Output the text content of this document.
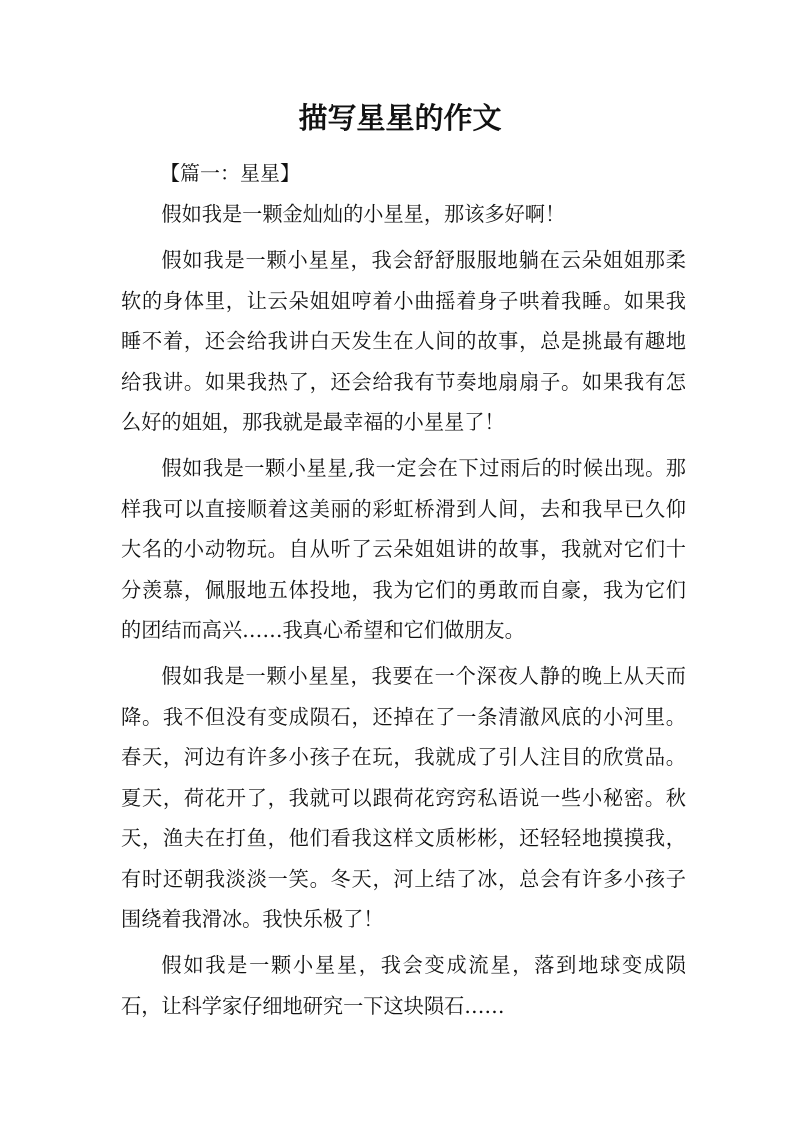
描写星星的作文

【篇一：星星】

假如我是一颗金灿灿的小星星，那该多好啊！

假如我是一颗小星星，我会舒舒服服地躺在云朵姐姐那柔软的身体里，让云朵姐姐哼着小曲摇着身子哄着我睡。如果我睡不着，还会给我讲白天发生在人间的故事，总是挑最有趣地给我讲。如果我热了，还会给我有节奏地扇扇子。如果我有怎么好的姐姐，那我就是最幸福的小星星了！

假如我是一颗小星星,我一定会在下过雨后的时候出现。那样我可以直接顺着这美丽的彩虹桥滑到人间，去和我早已久仰大名的小动物玩。自从听了云朵姐姐讲的故事，我就对它们十分羡慕，佩服地五体投地，我为它们的勇敢而自豪，我为它们的团结而高兴……我真心希望和它们做朋友。

假如我是一颗小星星，我要在一个深夜人静的晚上从天而降。我不但没有变成陨石，还掉在了一条清澈风底的小河里。春天，河边有许多小孩子在玩，我就成了引人注目的欣赏品。夏天，荷花开了，我就可以跟荷花窍窍私语说一些小秘密。秋天，渔夫在打鱼，他们看我这样文质彬彬，还轻轻地摸摸我，有时还朝我淡淡一笑。冬天，河上结了冰，总会有许多小孩子围绕着我滑冰。我快乐极了！

假如我是一颗小星星，我会变成流星，落到地球变成陨石，让科学家仔细地研究一下这块陨石……
